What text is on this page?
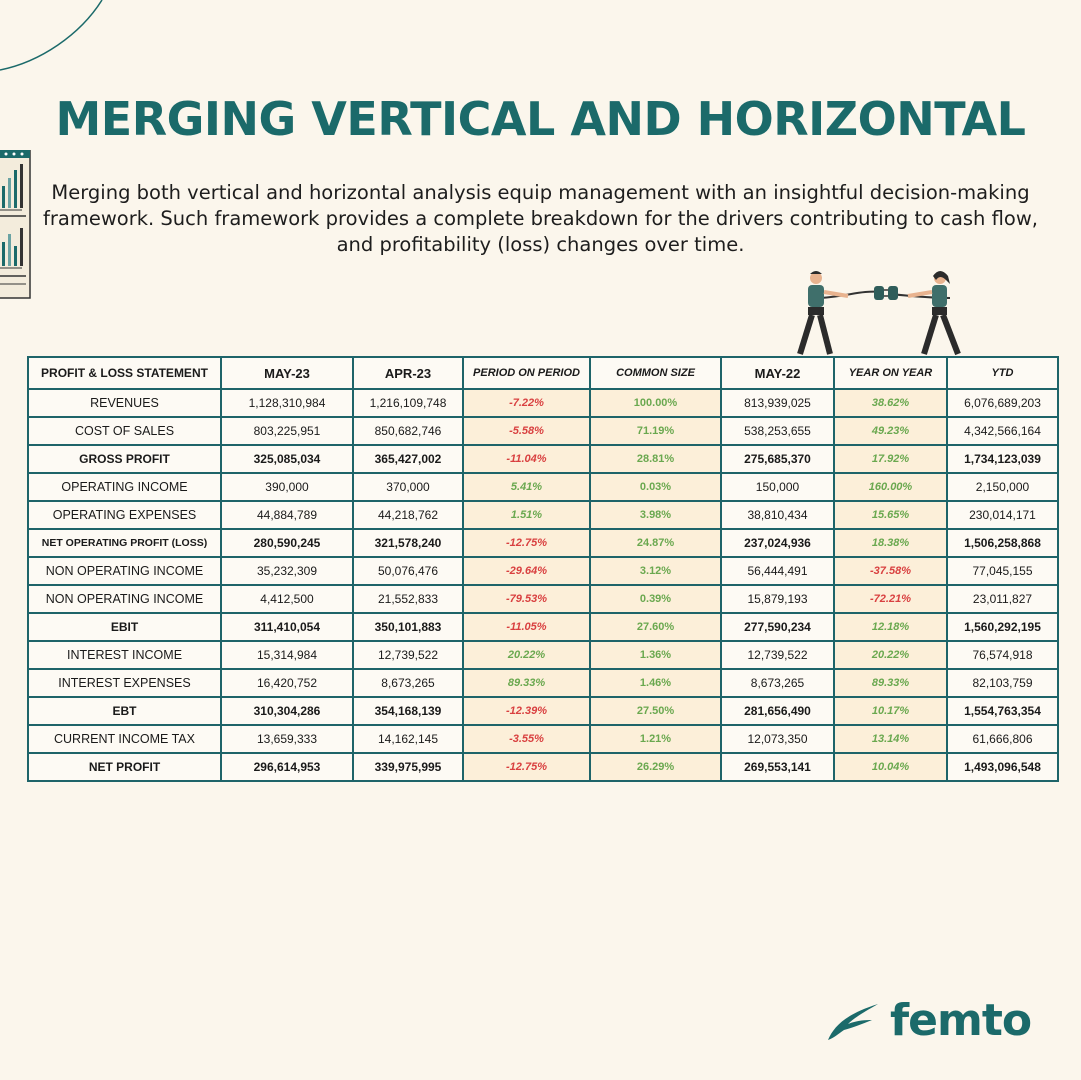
MERGING VERTICAL AND HORIZONTAL

Merging both vertical and horizontal analysis equip management with an insightful decision-making framework. Such framework provides a complete breakdown for the drivers contributing to cash flow, and profitability (loss) changes over time.

PROFIT & LOSS STATEMENT	MAY-23	APR-23	PERIOD ON PERIOD	COMMON SIZE	MAY-22	YEAR ON YEAR	YTD
REVENUES	1,128,310,984	1,216,109,748	-7.22%	100.00%	813,939,025	38.62%	6,076,689,203
COST OF SALES	803,225,951	850,682,746	-5.58%	71.19%	538,253,655	49.23%	4,342,566,164
GROSS PROFIT	325,085,034	365,427,002	-11.04%	28.81%	275,685,370	17.92%	1,734,123,039
OPERATING INCOME	390,000	370,000	5.41%	0.03%	150,000	160.00%	2,150,000
OPERATING EXPENSES	44,884,789	44,218,762	1.51%	3.98%	38,810,434	15.65%	230,014,171
NET OPERATING PROFIT (LOSS)	280,590,245	321,578,240	-12.75%	24.87%	237,024,936	18.38%	1,506,258,868
NON OPERATING INCOME	35,232,309	50,076,476	-29.64%	3.12%	56,444,491	-37.58%	77,045,155
NON OPERATING INCOME	4,412,500	21,552,833	-79.53%	0.39%	15,879,193	-72.21%	23,011,827
EBIT	311,410,054	350,101,883	-11.05%	27.60%	277,590,234	12.18%	1,560,292,195
INTEREST INCOME	15,314,984	12,739,522	20.22%	1.36%	12,739,522	20.22%	76,574,918
INTEREST EXPENSES	16,420,752	8,673,265	89.33%	1.46%	8,673,265	89.33%	82,103,759
EBT	310,304,286	354,168,139	-12.39%	27.50%	281,656,490	10.17%	1,554,763,354
CURRENT INCOME TAX	13,659,333	14,162,145	-3.55%	1.21%	12,073,350	13.14%	61,666,806
NET PROFIT	296,614,953	339,975,995	-12.75%	26.29%	269,553,141	10.04%	1,493,096,548
femto
